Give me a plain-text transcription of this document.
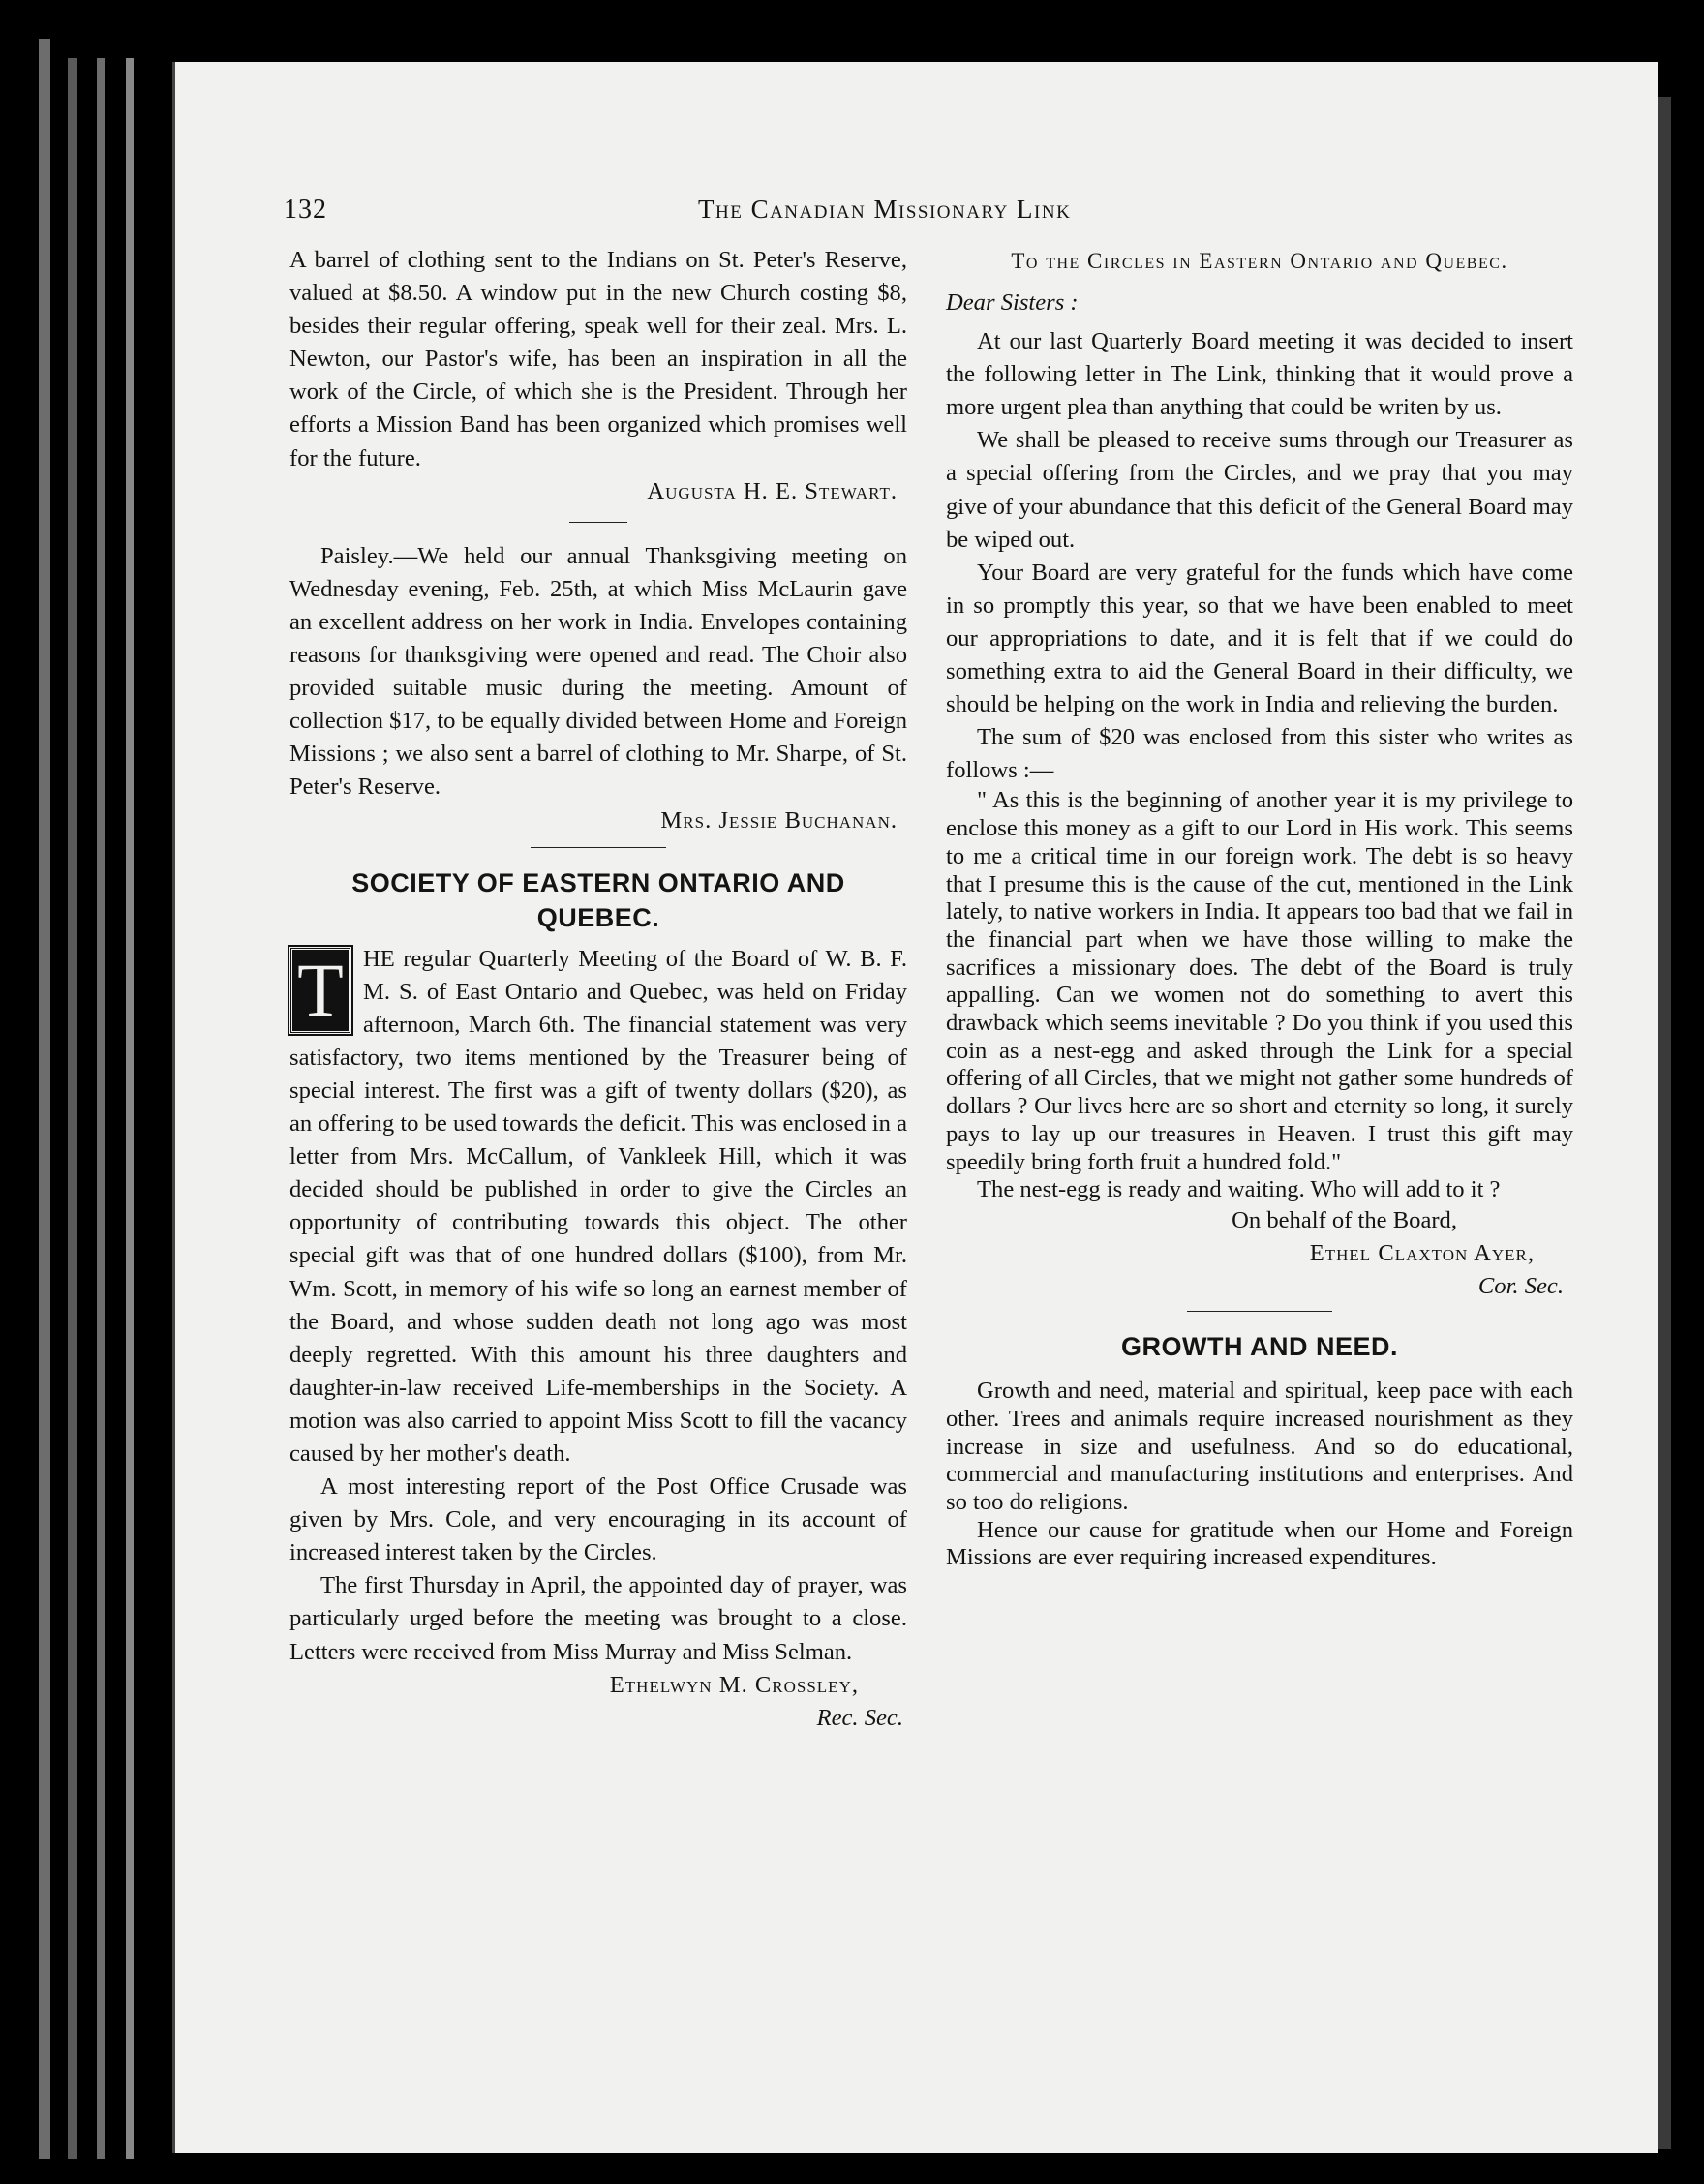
132	The Canadian Missionary Link

A barrel of clothing sent to the Indians on St. Peter's Reserve, valued at $8.50. A window put in the new Church costing $8, besides their regular offering, speak well for their zeal. Mrs. L. Newton, our Pastor's wife, has been an inspiration in all the work of the Circle, of which she is the President. Through her efforts a Mission Band has been organized which promises well for the future.

Augusta H. E. Stewart.

Paisley.—We held our annual Thanksgiving meeting on Wednesday evening, Feb. 25th, at which Miss McLaurin gave an excellent address on her work in India. Envelopes containing reasons for thanksgiving were opened and read. The Choir also provided suitable music during the meeting. Amount of collection $17, to be equally divided between Home and Foreign Missions ; we also sent a barrel of clothing to Mr. Sharpe, of St. Peter's Reserve.

Mrs. Jessie Buchanan.

SOCIETY OF EASTERN ONTARIO AND QUEBEC.
T HE regular Quarterly Meeting of the Board of W. B. F. M. S. of East Ontario and Quebec, was held on Friday afternoon, March 6th. The financial statement was very satisfactory, two items mentioned by the Treasurer being of special interest. The first was a gift of twenty dollars ($20), as an offering to be used towards the deficit. This was enclosed in a letter from Mrs. McCallum, of Vankleek Hill, which it was decided should be published in order to give the Circles an opportunity of contributing towards this object. The other special gift was that of one hundred dollars ($100), from Mr. Wm. Scott, in memory of his wife so long an earnest member of the Board, and whose sudden death not long ago was most deeply regretted. With this amount his three daughters and daughter-in-law received Life-memberships in the Society. A motion was also carried to appoint Miss Scott to fill the vacancy caused by her mother's death.

A most interesting report of the Post Office Crusade was given by Mrs. Cole, and very encouraging in its account of increased interest taken by the Circles.

The first Thursday in April, the appointed day of prayer, was particularly urged before the meeting was brought to a close. Letters were received from Miss Murray and Miss Selman.

Ethelwyn M. Crossley,

Rec. Sec.

To the Circles in Eastern Ontario and Quebec.

Dear Sisters :

At our last Quarterly Board meeting it was decided to insert the following letter in The Link, thinking that it would prove a more urgent plea than anything that could be writen by us.

We shall be pleased to receive sums through our Treasurer as a special offering from the Circles, and we pray that you may give of your abundance that this deficit of the General Board may be wiped out.

Your Board are very grateful for the funds which have come in so promptly this year, so that we have been enabled to meet our appropriations to date, and it is felt that if we could do something extra to aid the General Board in their difficulty, we should be helping on the work in India and relieving the burden.

The sum of $20 was enclosed from this sister who writes as follows :—

" As this is the beginning of another year it is my privilege to enclose this money as a gift to our Lord in His work. This seems to me a critical time in our foreign work. The debt is so heavy that I presume this is the cause of the cut, mentioned in the Link lately, to native workers in India. It appears too bad that we fail in the financial part when we have those willing to make the sacrifices a missionary does. The debt of the Board is truly appalling. Can we women not do something to avert this drawback which seems inevitable ? Do you think if you used this coin as a nest-egg and asked through the Link for a special offering of all Circles, that we might not gather some hundreds of dollars ? Our lives here are so short and eternity so long, it surely pays to lay up our treasures in Heaven. I trust this gift may speedily bring forth fruit a hundred fold."

The nest-egg is ready and waiting. Who will add to it ?

On behalf of the Board,

Ethel Claxton Ayer,

Cor. Sec.

GROWTH AND NEED.

Growth and need, material and spiritual, keep pace with each other. Trees and animals require increased nourishment as they increase in size and usefulness. And so do educational, commercial and manufacturing institutions and enterprises. And so too do religions.

Hence our cause for gratitude when our Home and Foreign Missions are ever requiring increased expenditures.
